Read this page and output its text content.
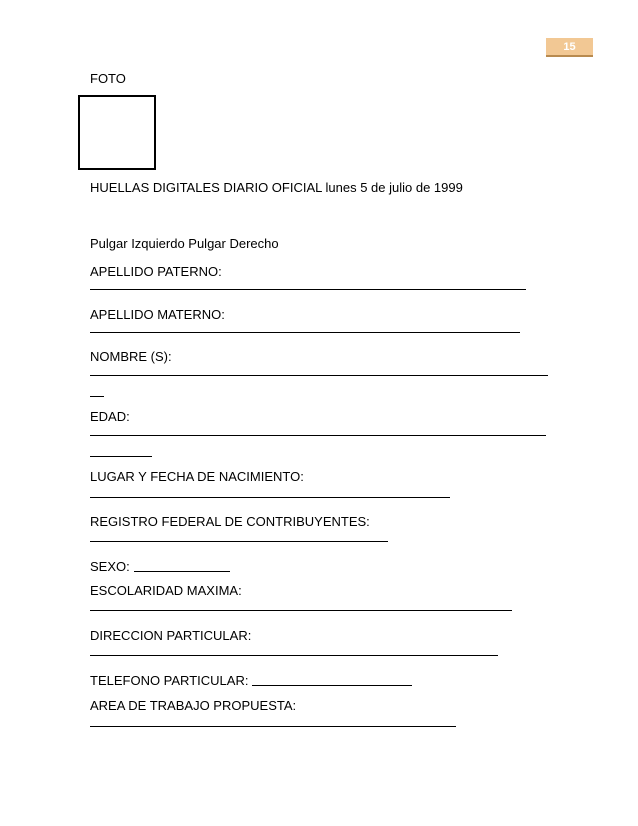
15
FOTO
HUELLAS DIGITALES DIARIO OFICIAL lunes 5 de julio de 1999
Pulgar Izquierdo Pulgar Derecho
APELLIDO PATERNO:
APELLIDO MATERNO:
NOMBRE (S):
EDAD:
LUGAR Y FECHA DE NACIMIENTO:
REGISTRO FEDERAL DE CONTRIBUYENTES:
SEXO:
ESCOLARIDAD MAXIMA:
DIRECCION PARTICULAR:
TELEFONO PARTICULAR:
AREA DE TRABAJO PROPUESTA:
